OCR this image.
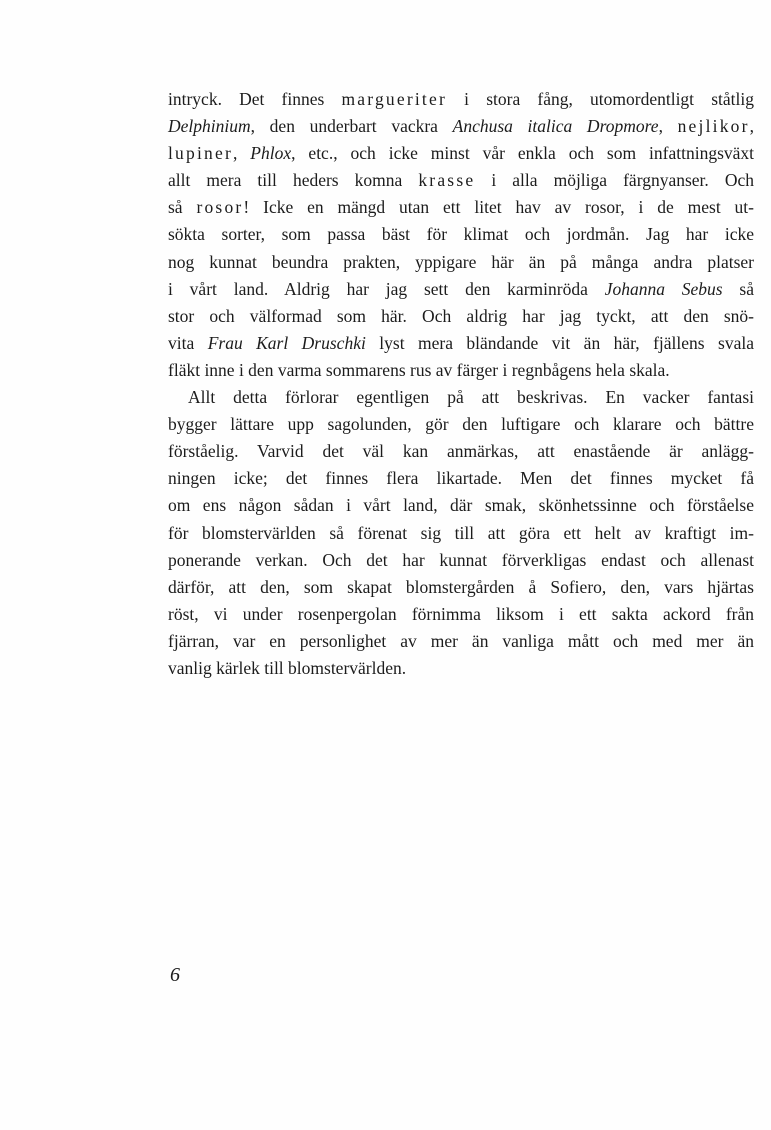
intryck. Det finnes margueriter i stora fång, utomordentligt ståtlig
Delphinium, den underbart vackra Anchusa italica Dropmore, nejlikor,
lupiner, Phlox, etc., och icke minst vår enkla och som infattningsväxt
allt mera till heders komna krasse i alla möjliga färgnyanser. Och
så rosor! Icke en mängd utan ett litet hav av rosor, i de mest ut-
sökta sorter, som passa bäst för klimat och jordmån. Jag har icke
nog kunnat beundra prakten, yppigare här än på många andra platser
i vårt land. Aldrig har jag sett den karminröda Johanna Sebus så
stor och välformad som här. Och aldrig har jag tyckt, att den snö-
vita Frau Karl Druschki lyst mera bländande vit än här, fjällens svala
fläkt inne i den varma sommarens rus av färger i regnbågens hela skala.
Allt detta förlorar egentligen på att beskrivas. En vacker fantasi
bygger lättare upp sagolunden, gör den luftigare och klarare och bättre
förståelig. Varvid det väl kan anmärkas, att enastående är anlägg-
ningen icke; det finnes flera likartade. Men det finnes mycket få
om ens någon sådan i vårt land, där smak, skönhetssinne och förståelse
för blomstervärlden så förenat sig till att göra ett helt av kraftigt im-
ponerande verkan. Och det har kunnat förverkligas endast och allenast
därför, att den, som skapat blomstergården å Sofiero, den, vars hjärtas
röst, vi under rosenpergolan förnimma liksom i ett sakta ackord från
fjärran, var en personlighet av mer än vanliga mått och med mer än
vanlig kärlek till blomstervärlden.
6
